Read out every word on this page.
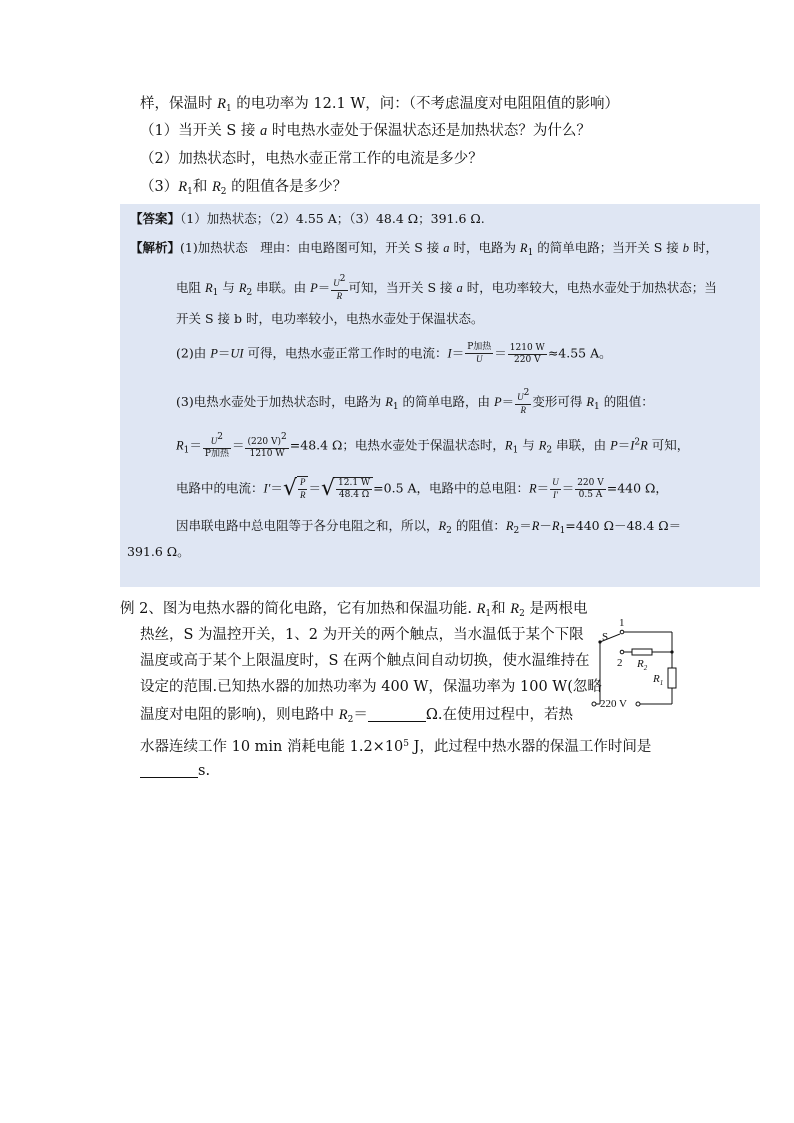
样，保温时 $R_1$ 的电功率为 12.1 W，问：（不考虑温度对电阻阻值的影响）
（1）当开关 S 接 a 时电热水壶处于保温状态还是加热状态？为什么？
（2）加热状态时，电热水壶正常工作的电流是多少？
$(3)R_1$和 $R_2$ 的阻值各是多少？
【答案】（1）加热状态；（2）4.55 A；（3）48.4 Ω；391.6 Ω.
【解析】(1)加热状态　理由：由电路图可知，开关 S 接 a 时，电路为 $R_1$ 的简单电路；当开关 S 接 b 时，
电阻 $R_1$ 与 $R_2$ 串联。由 $P= \frac{U^2}{R}$ 可知，当开关 S 接 a 时，电功率较大，电热水壶处于加热状态；当
开关 S 接 b 时，电功率较小，电热水壶处于保温状态。
(2)由 P＝UI 可得，电热水壶正常工作时的电流：$I= \frac{\text{P加热}}{U} = \frac{1210 W}{220 V} \approx 4.55$ A。
(3)电热水壶处于加热状态时，电路为 $R_1$ 的简单电路，由 $P= \frac{U^2}{R}$ 变形可得 $R_1$ 的阻值：
$R_1= \frac{U^2}{\text{P加热}} = \frac{(220 V)^2}{1210 W} =48.4$ Ω；电热水壶处于保温状态时，$R_1$ 与 $R_2$ 串联，由 $P=I^2R$ 可知，
电路中的电流：$I'=√ \frac{P}{R}$ ＝√ $\frac{12.1 W}{48.4 \Omega} =0.5$ A，电路中的总电阻：$R= \frac{U}{I'} = \frac{220 V}{0.5 A} =440$ Ω，
因串联电路中总电阻等于各分电阻之和，所以，$R_2$ 的阻值：$R_2=R-R_1=440$ Ω－48.4 Ω＝
391.6 Ω。
例 2、图为电热水器的简化电路，它有加热和保温功能. $R_1$和 $R_2$ 是两根电
热丝，S 为温控开关，1、2 为开关的两个触点，当水温低于某个下限
温度或高于某个上限温度时，S 在两个触点间自动切换，使水温维持在
设定的范围.已知热水器的加热功率为 400 W，保温功率为 100 W(忽略
温度对电阻的影响)，则电路中 $R_2=$	Ω.在使用过程中，若热
水器连续工作 10 min 消耗电能 $1.2\times 10^5$ J，此过程中热水器的保温工作时间是
s.
S
1
2 $R_2$
$R_1$
220 V
